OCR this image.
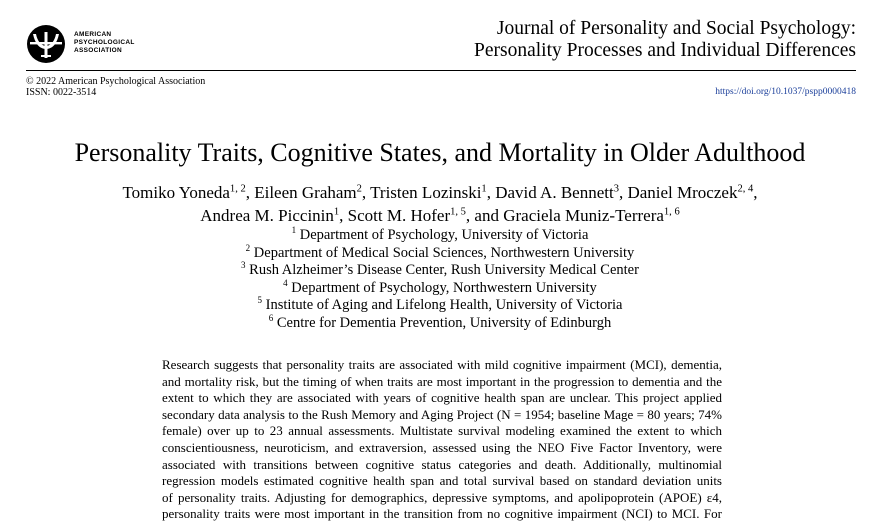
AMERICAN
PSYCHOLOGICAL
ASSOCIATION
Journal of Personality and Social Psychology:
Personality Processes and Individual Differences
© 2022 American Psychological Association
ISSN: 0022-3514	https://doi.org/10.1037/pspp0000418
Personality Traits, Cognitive States, and Mortality in Older Adulthood
Tomiko Yoneda$^{1, 2}$, Eileen Graham$^2$, Tristen Lozinski$^1$, David A. Bennett$^3$, Daniel Mroczek$^{2, 4}$,
Andrea M. Piccinin$^1$, Scott M. Hofer$^{1, 5}$, and Graciela Muniz-Terrera$^{1, 6}$
$^1$ Department of Psychology, University of Victoria
$^2$ Department of Medical Social Sciences, Northwestern University
$^3$ Rush Alzheimer’s Disease Center, Rush University Medical Center
$^4$ Department of Psychology, Northwestern University
$^5$ Institute of Aging and Lifelong Health, University of Victoria
$^6$ Centre for Dementia Prevention, University of Edinburgh
Research suggests that personality traits are associated with mild cognitive impairment (MCI), dementia,
and mortality risk, but the timing of when traits are most important in the progression to dementia and the
extent to which they are associated with years of cognitive health span are unclear. This project applied
secondary data analysis to the Rush Memory and Aging Project (N = 1954; baseline Mage = 80 years; 74%
female) over up to 23 annual assessments. Multistate survival modeling examined the extent to which
conscientiousness, neuroticism, and extraversion, assessed using the NEO Five Factor Inventory, were
associated with transitions between cognitive status categories and death. Additionally, multinomial
regression models estimated cognitive health span and total survival based on standard deviation units
of personality traits. Adjusting for demographics, depressive symptoms, and apolipoprotein (APOE) ε4,
personality traits were most important in the transition from no cognitive impairment (NCI) to MCI. For
